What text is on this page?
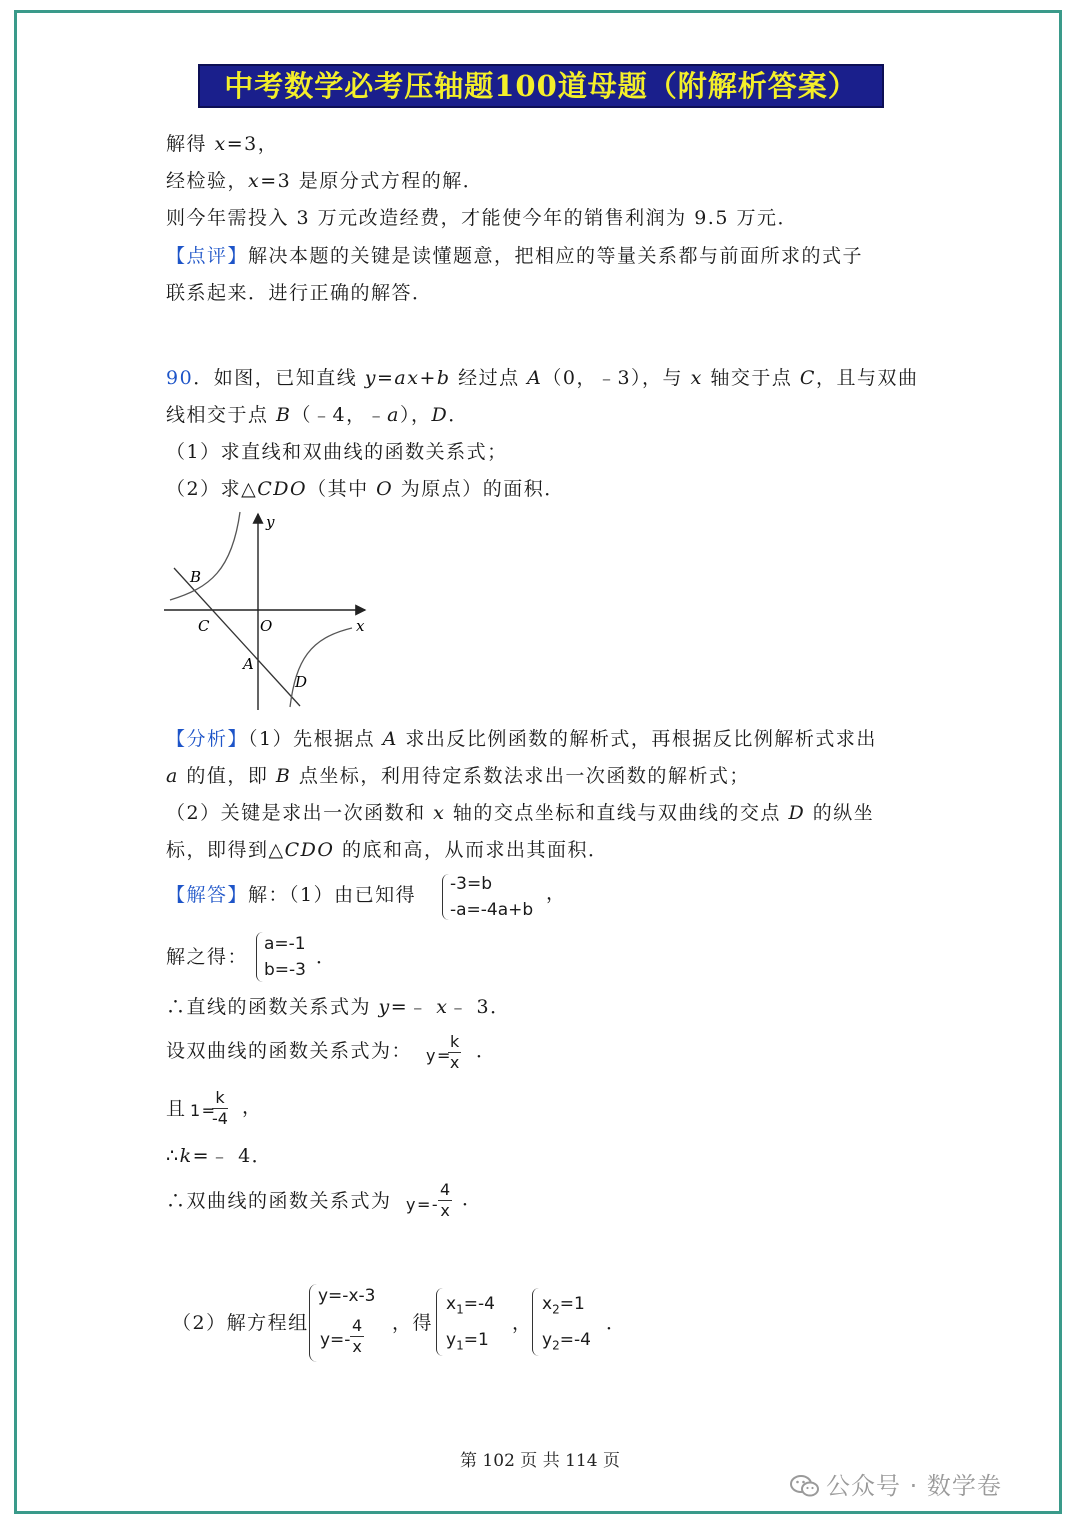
中考数学必考压轴题100道母题（附解析答案）
解得 x=3，
经检验，x=3 是原分式方程的解．
则今年需投入 3 万元改造经费，才能使今年的销售利润为 9.5 万元．
【点评】解决本题的关键是读懂题意，把相应的等量关系都与前面所求的式子
联系起来．进行正确的解答．
90．如图，已知直线 y=ax+b 经过点 A（0，﹣3），与 x 轴交于点 C，且与双曲
线相交于点 B（﹣4，﹣a），D．
（1）求直线和双曲线的函数关系式；
（2）求△CDO（其中 O 为原点）的面积．
y
x
O
B
C
A
D
【分析】（1）先根据点 A 求出反比例函数的解析式，再根据反比例解析式求出
a 的值，即 B 点坐标，利用待定系数法求出一次函数的解析式；
（2）关键是求出一次函数和 x 轴的交点坐标和直线与双曲线的交点 D 的纵坐
标，即得到△CDO 的底和高，从而求出其面积．
【解答】解：（1）由已知得 -3=b
-a=-4a+b
，
解之得：
a=-1
b=-3
．
∴直线的函数关系式为 y=﹣ x﹣ 3．
设双曲线的函数关系式为： y=
$\frac{k}{x}$ ．
且 1=
$\frac{k}{-4}$ ，
∴k=﹣ 4．
∴双曲线的函数关系式为 y=-
$\frac{4}{x}$ ．
（2）解方程组
y=-x-3
$y=- \frac{4}{x}$ ，得
$x_1=-4$
$y_1=1$
，
$x_2=1$
$y_2=-4$
．
第 102 页 共 114 页
公众号 · 数学卷
